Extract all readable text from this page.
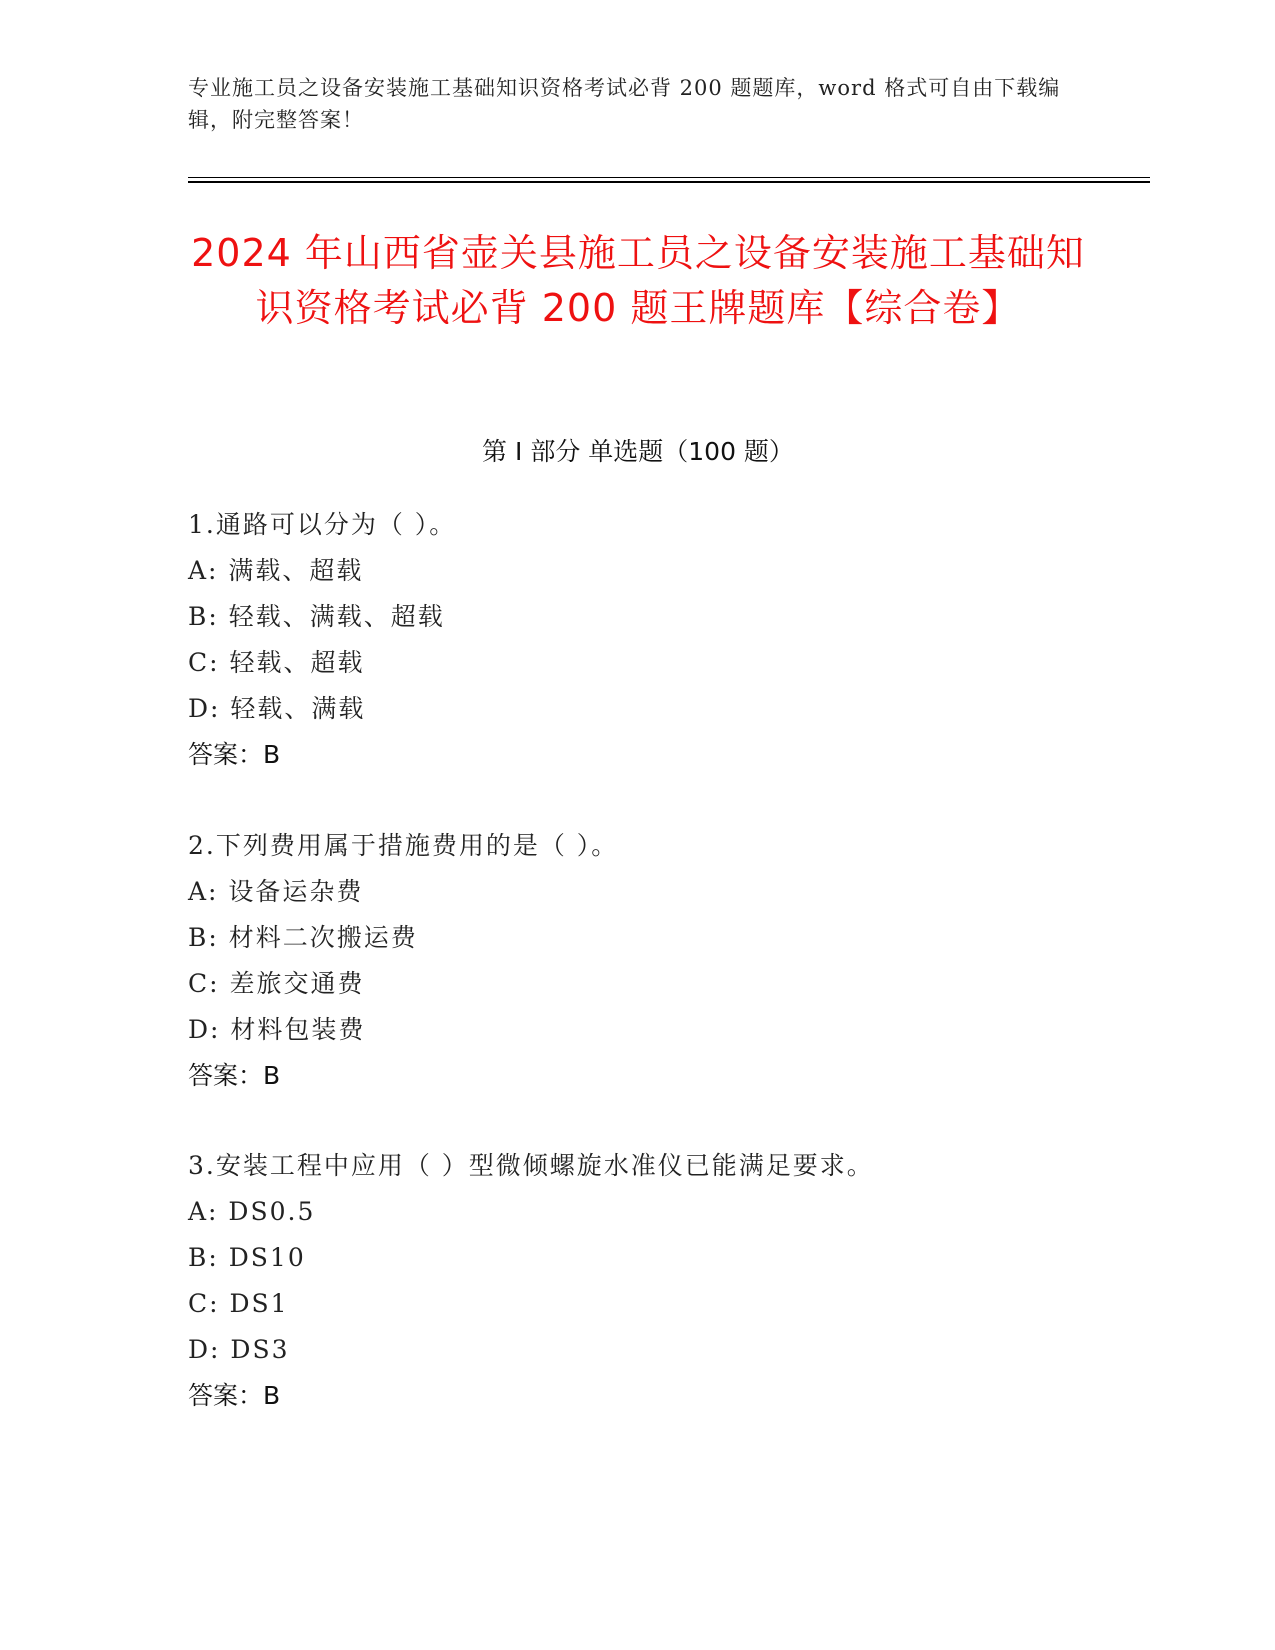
专业施工员之设备安装施工基础知识资格考试必背 200 题题库，word 格式可自由下载编辑，附完整答案！
2024 年山西省壶关县施工员之设备安装施工基础知识资格考试必背 200 题王牌题库【综合卷】
第 I 部分 单选题（100 题）
1.通路可以分为（ ）。
A: 满载、超载
B: 轻载、满载、超载
C: 轻载、超载
D: 轻载、满载
答案：B
2.下列费用属于措施费用的是（ ）。
A: 设备运杂费
B: 材料二次搬运费
C: 差旅交通费
D: 材料包装费
答案：B
3.安装工程中应用（ ）型微倾螺旋水准仪已能满足要求。
A: DS0.5
B: DS10
C: DS1
D: DS3
答案：B
